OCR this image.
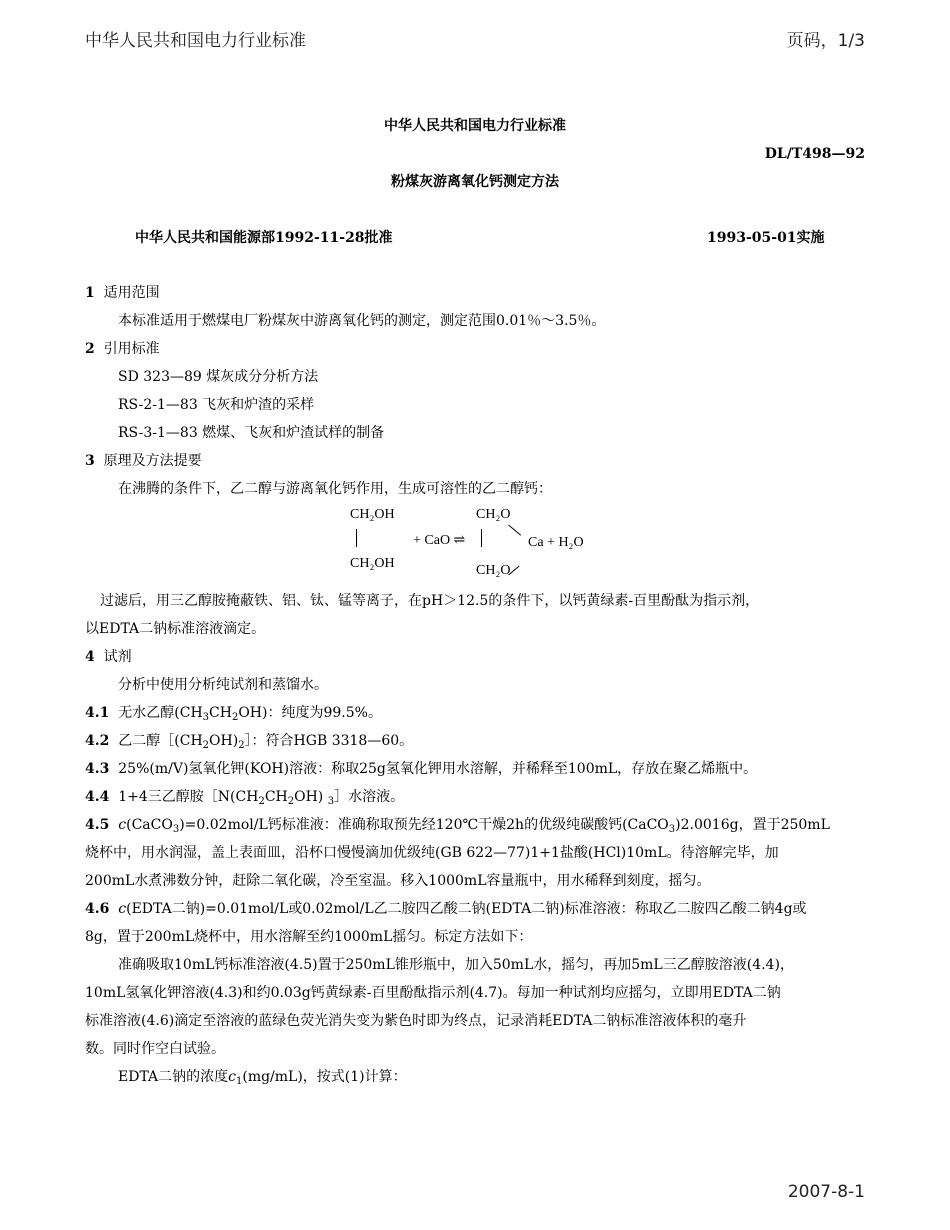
中华人民共和国电力行业标准	页码，1/3
中华人民共和国电力行业标准
DL/T498—92
粉煤灰游离氧化钙测定方法
中华人民共和国能源部1992-11-28批准	1993-05-01实施

1 适用范围

本标准适用于燃煤电厂粉煤灰中游离氧化钙的测定，测定范围0.01％～3.5％。

2 引用标准

SD 323—89 煤灰成分分析方法

RS-2-1—83 飞灰和炉渣的采样

RS-3-1—83 燃煤、飞灰和炉渣试样的制备

3 原理及方法提要

在沸腾的条件下，乙二醇与游离氧化钙作用，生成可溶性的乙二醇钙：

CH₂OH
CH₂OH
+ CaO ⇌
CH₂O
CH₂O
Ca + H₂O

过滤后，用三乙醇胺掩蔽铁、铝、钛、锰等离子，在pH＞12.5的条件下，以钙黄绿素-百里酚酞为指示剂，

以EDTA二钠标准溶液滴定。

4 试剂

分析中使用分析纯试剂和蒸馏水。

4.1 无水乙醇$(CH_3CH_2OH)$：纯度为99.5%。

4.2 乙二醇$[(CH_2OH)_2]$：符合HGB 3318—60。

4.3 25%(m/V)氢氧化钾(KOH)溶液：称取25g氢氧化钾用水溶解，并稀释至100mL，存放在聚乙烯瓶中。

4.4 1+4三乙醇胺$[N(CH_2CH_2OH)$ $_3$］水溶液。

4.5 c(CaCO$_3$)=0.02mol/L钙标准液：准确称取预先经120℃干燥2h的优级纯碳酸钙(CaCO$_3$)2.0016g，置于250mL

烧杯中，用水润湿，盖上表面皿，沿杯口慢慢滴加优级纯(GB 622—77)1+1盐酸(HCl)10mL。待溶解完毕，加

200mL水煮沸数分钟，赶除二氧化碳，冷至室温。移入1000mL容量瓶中，用水稀释到刻度，摇匀。

4.6 c(EDTA二钠)=0.01mol/L或0.02mol/L乙二胺四乙酸二钠(EDTA二钠)标准溶液：称取乙二胺四乙酸二钠4g或

8g，置于200mL烧杯中，用水溶解至约1000mL摇匀。标定方法如下：

准确吸取10mL钙标准溶液(4.5)置于250mL锥形瓶中，加入50mL水，摇匀，再加5mL三乙醇胺溶液(4.4)，

10mL氢氧化钾溶液(4.3)和约0.03g钙黄绿素-百里酚酞指示剂(4.7)。每加一种试剂均应摇匀，立即用EDTA二钠

标准溶液(4.6)滴定至溶液的蓝绿色荧光消失变为紫色时即为终点，记录消耗EDTA二钠标准溶液体积的毫升

数。同时作空白试验。

EDTA二钠的浓度$c_1(mg/mL)$，按式(1)计算：

2007-8-1
